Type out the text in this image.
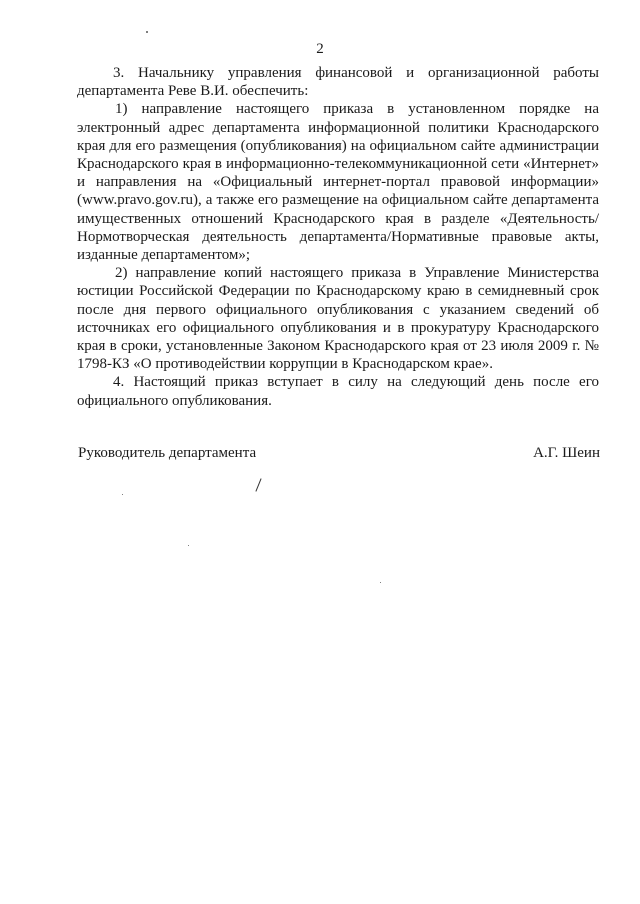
2

3. Начальнику управления финансовой и организационной работы департамента Реве В.И. обеспечить:

1) направление настоящего приказа в установленном порядке на электронный адрес департамента информационной политики Краснодарского края для его размещения (опубликования) на официальном сайте администрации Краснодарского края в информационно-телекоммуникационной сети «Интернет» и направления на «Официальный интернет-портал правовой информации» (www.pravo.gov.ru), а также его размещение на официальном сайте департамента имущественных отношений Краснодарского края в разделе «Деятельность/Нормотворческая деятельность департамента/Нормативные правовые акты, изданные департаментом»;

2) направление копий настоящего приказа в Управление Министерства юстиции Российской Федерации по Краснодарскому краю в семидневный срок после дня первого официального опубликования с указанием сведений об источниках его официального опубликования и в прокуратуру Краснодарского края в сроки, установленные Законом Краснодарского края от 23 июля 2009 г. № 1798-КЗ «О противодействии коррупции в Краснодарском крае».

4. Настоящий приказ вступает в силу на следующий день после его официального опубликования.

Руководитель департамента	А.Г. Шеин
